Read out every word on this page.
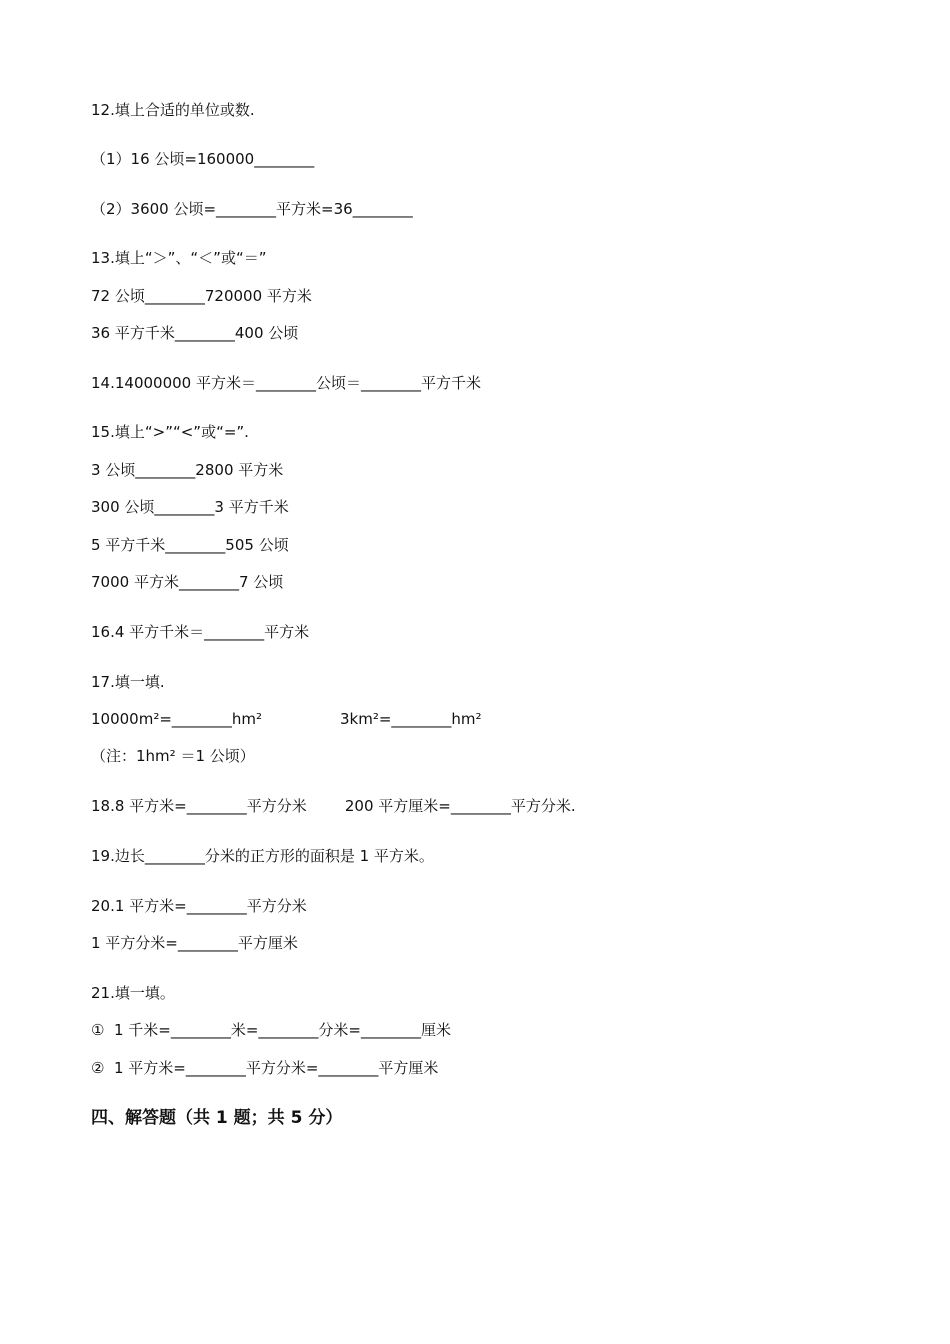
12.填上合适的单位或数.
（1）16 公顷=160000________
（2）3600 公顷=________平方米=36________
13.填上“＞”、“＜”或“＝”
72 公顷________720000 平方米
36 平方千米________400 公顷
14.14000000 平方米＝________公顷＝________平方千米
15.填上“>”“<”或“=”.
3 公顷________2800 平方米
300 公顷________3 平方千米
5 平方千米________505 公顷
7000 平方米________7 公顷
16.4 平方千米＝________平方米
17.填一填.
10000m²=________hm²	3km²=________hm²
（注：1hm² ＝1 公顷）
18.8 平方米=________平方分米        200 平方厘米=________平方分米.
19.边长________分米的正方形的面积是 1 平方米。
20.1 平方米=________平方分米
1 平方分米=________平方厘米
21.填一填。
①  1 千米=________米=________分米=________厘米
②  1 平方米=________平方分米=________平方厘米
四、解答题（共 1 题；共 5 分）
